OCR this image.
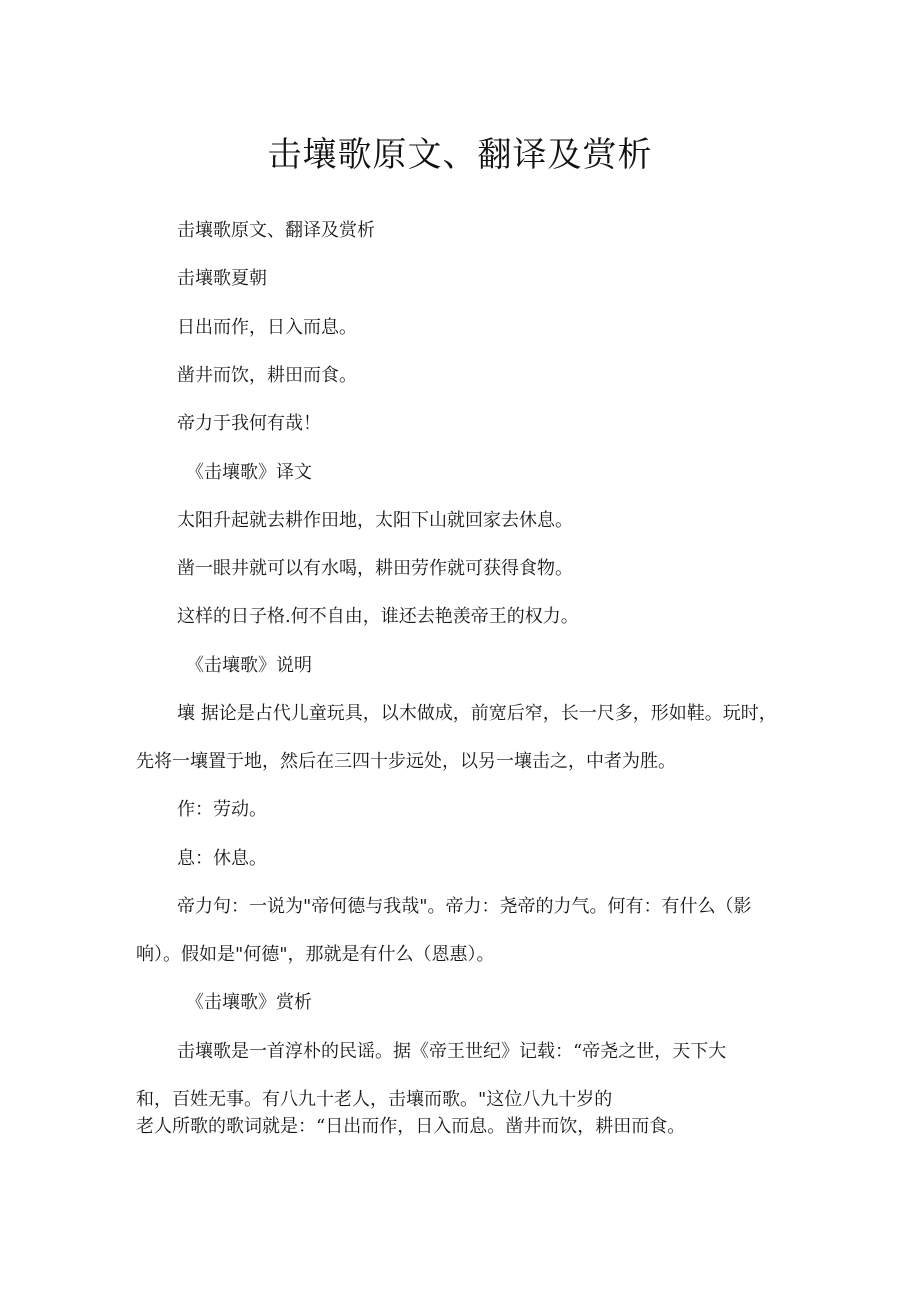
击壤歌原文、翻译及赏析
击壤歌原文、翻译及赏析
击壤歌夏朝
日出而作，日入而息。
凿井而饮，耕田而食。
帝力于我何有哉！
《击壤歌》译文
太阳升起就去耕作田地，太阳下山就回家去休息。
凿一眼井就可以有水喝，耕田劳作就可获得食物。
这样的日子格.何不自由，谁还去艳羡帝王的权力。
《击壤歌》说明
壤 据论是占代儿童玩具，以木做成，前宽后窄，长一尺多，形如鞋。玩时，
先将一壤置于地，然后在三四十步远处，以另一壤击之，中者为胜。
作：劳动。
息：休息。
帝力句：一说为"帝何德与我哉"。帝力：尧帝的力气。何有：有什么（影
响）。假如是"何德"，那就是有什么（恩惠）。
《击壤歌》赏析
击壤歌是一首淳朴的民谣。据《帝王世纪》记载：“帝尧之世，天下大
和，百姓无事。有八九十老人，击壤而歌。"这位八九十岁的
老人所歌的歌词就是：“日出而作，日入而息。凿井而饮，耕田而食。
